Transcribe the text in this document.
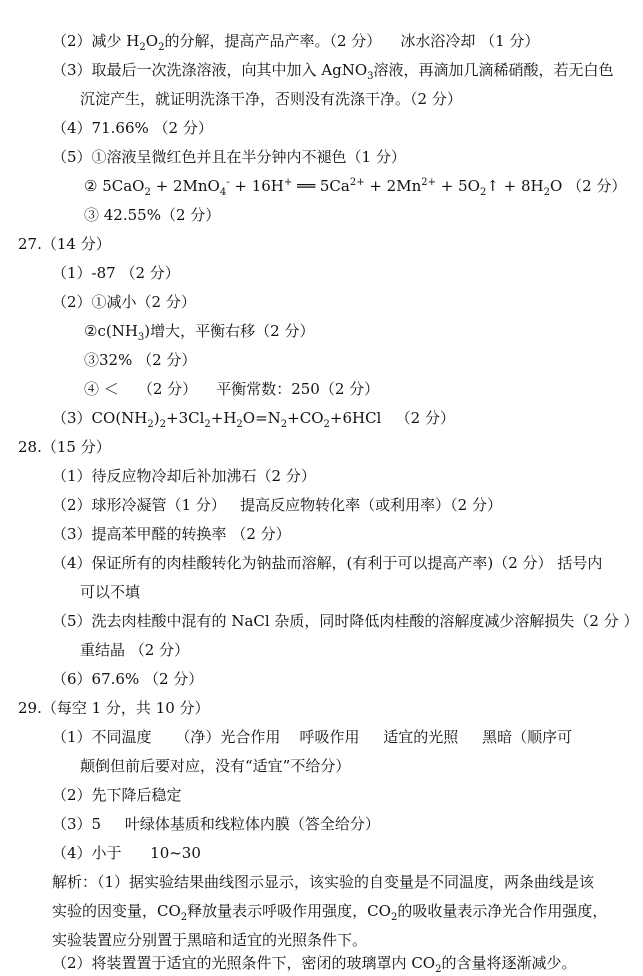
（2）减少 $H_2O_2$的分解，提高产品产率。（2 分）    冰水浴冷却 （1 分）
（3）取最后一次洗涤溶液，向其中加入 AgNO$_3$溶液，再滴加几滴稀硝酸，若无白色
沉淀产生，就证明洗涤干净，否则没有洗涤干净。（2 分）
（4）71.66% （2 分）
（5）①溶液呈微红色并且在半分钟内不褪色（1 分）
② 5CaO$_2$ + 2MnO$_4$- + 16H+ ══ $5Ca^{2+} + 2Mn^{2+}$ + $5O_2↑ + 8H_2O$ （2 分）
③ 42.55%（2 分）
27.（14 分）
（1）-87 （2 分）
（2）①减小（2 分）
$②c(NH_3)$增大，平衡右移（2 分）
③32% （2 分）
④ ＜    （2 分）    平衡常数：250（2 分）
$(3)CO(NH_2)_2+3Cl_2+H_2O=N_2+CO_2+6HCl$   （2 分）
28.（15 分）
（1）待反应物冷却后补加沸石（2 分）
（2）球形冷凝管（1 分）   提高反应物转化率（或利用率）（2 分）
（3）提高苯甲醛的转换率 （2 分）
（4）保证所有的肉桂酸转化为钠盐而溶解，(有利于可以提高产率)（2 分） 括号内
可以不填
（5）洗去肉桂酸中混有的 NaCl 杂质，同时降低肉桂酸的溶解度减少溶解损失（2 分 ）
重结晶 （2 分）
（6）67.6% （2 分）
29.（每空 1 分，共 10 分）
（1）不同温度     （净）光合作用    呼吸作用     适宜的光照     黑暗（顺序可
颠倒但前后要对应，没有“适宜”不给分）
（2）先下降后稳定
（3）5     叶绿体基质和线粒体内膜（答全给分）
（4）小于      10~30
解析：（1）据实验结果曲线图示显示，该实验的自变量是不同温度，两条曲线是该
实验的因变量，$CO_2$释放量表示呼吸作用强度，$CO_2$的吸收量表示净光合作用强度，
实验装置应分别置于黑暗和适宜的光照条件下。
（2）将装置置于适宜的光照条件下，密闭的玻璃罩内 $CO_2$的含量将逐渐减少。
